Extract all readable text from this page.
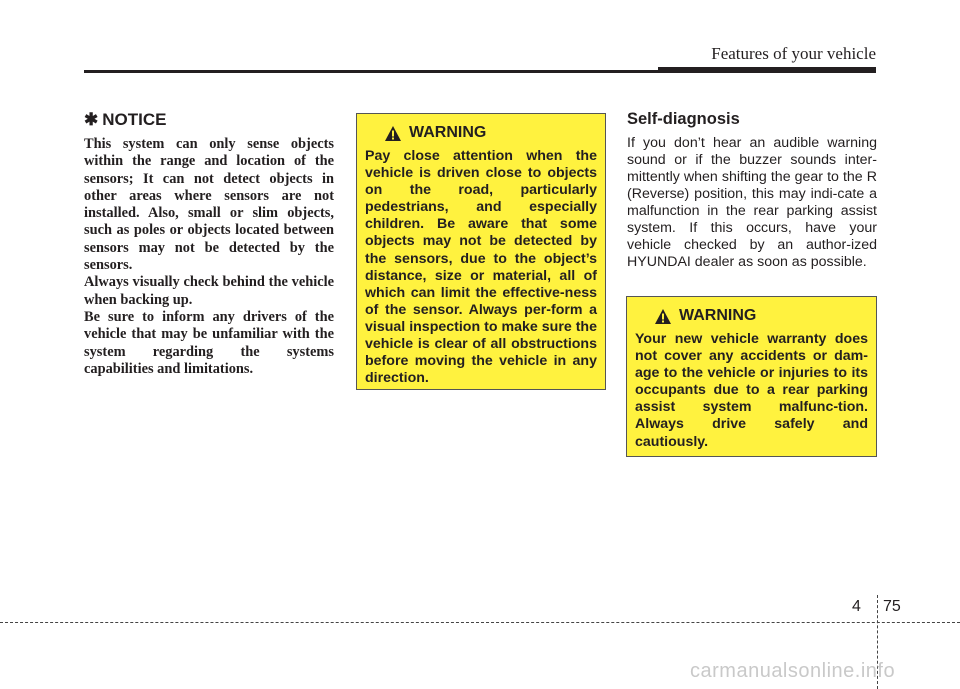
Features of your vehicle
✱ NOTICE

This system can only sense objects within the range and location of the sensors; It can not detect objects in other areas where sensors are not installed. Also, small or slim objects, such as poles or objects located between sensors may not be detected by the sensors.
Always visually check behind the vehicle when backing up.
Be sure to inform any drivers of the vehicle that may be unfamiliar with the system regarding the systems capabilities and limitations.

WARNING

Pay close attention when the vehicle is driven close to objects on the road, particularly pedestrians, and especially children. Be aware that some objects may not be detected by the sensors, due to the object’s distance, size or material, all of which can limit the effective-ness of the sensor. Always per-form a visual inspection to make sure the vehicle is clear of all obstructions before moving the vehicle in any direction.

Self-diagnosis

If you don’t hear an audible warning sound or if the buzzer sounds inter-mittently when shifting the gear to the R (Reverse) position, this may indi-cate a malfunction in the rear parking assist system. If this occurs, have your vehicle checked by an author-ized HYUNDAI dealer as soon as possible.

WARNING

Your new vehicle warranty does not cover any accidents or dam-age to the vehicle or injuries to its occupants due to a rear parking assist system malfunc-tion. Always drive safely and cautiously.

4 75
carmanualsonline.info
